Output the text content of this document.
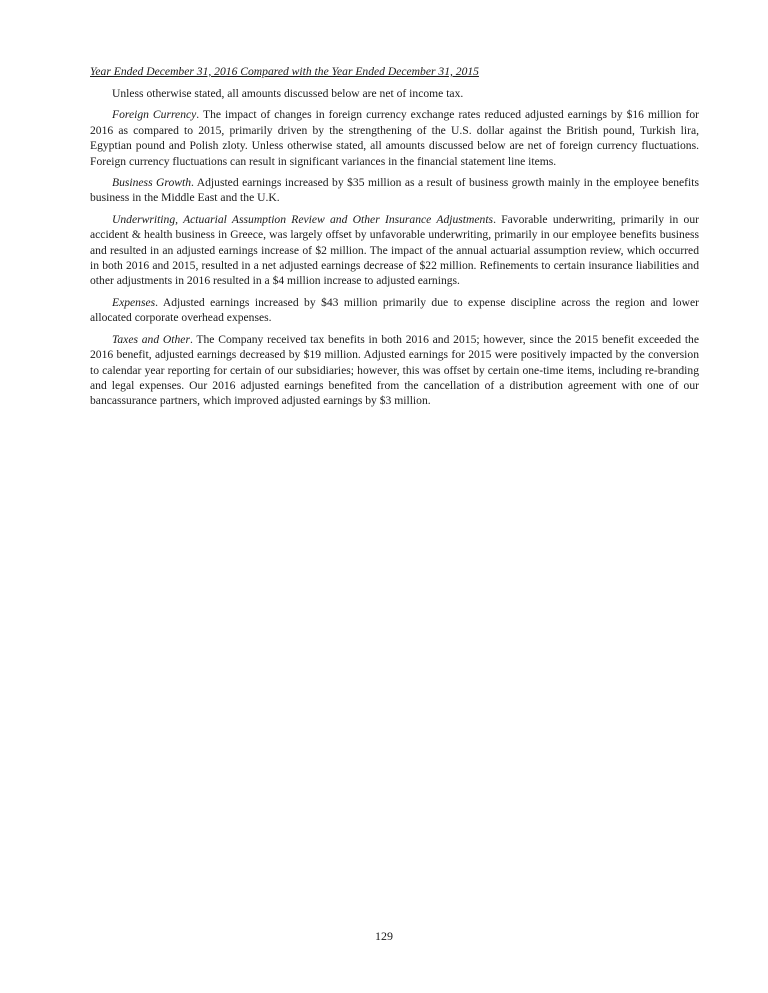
Year Ended December 31, 2016 Compared with the Year Ended December 31, 2015

Unless otherwise stated, all amounts discussed below are net of income tax.

Foreign Currency. The impact of changes in foreign currency exchange rates reduced adjusted earnings by $16 million for 2016 as compared to 2015, primarily driven by the strengthening of the U.S. dollar against the British pound, Turkish lira, Egyptian pound and Polish zloty. Unless otherwise stated, all amounts discussed below are net of foreign currency fluctuations. Foreign currency fluctuations can result in significant variances in the financial statement line items.

Business Growth. Adjusted earnings increased by $35 million as a result of business growth mainly in the employee benefits business in the Middle East and the U.K.

Underwriting, Actuarial Assumption Review and Other Insurance Adjustments. Favorable underwriting, primarily in our accident & health business in Greece, was largely offset by unfavorable underwriting, primarily in our employee benefits business and resulted in an adjusted earnings increase of $2 million. The impact of the annual actuarial assumption review, which occurred in both 2016 and 2015, resulted in a net adjusted earnings decrease of $22 million. Refinements to certain insurance liabilities and other adjustments in 2016 resulted in a $4 million increase to adjusted earnings.

Expenses. Adjusted earnings increased by $43 million primarily due to expense discipline across the region and lower allocated corporate overhead expenses.

Taxes and Other. The Company received tax benefits in both 2016 and 2015; however, since the 2015 benefit exceeded the 2016 benefit, adjusted earnings decreased by $19 million. Adjusted earnings for 2015 were positively impacted by the conversion to calendar year reporting for certain of our subsidiaries; however, this was offset by certain one-time items, including re-branding and legal expenses. Our 2016 adjusted earnings benefited from the cancellation of a distribution agreement with one of our bancassurance partners, which improved adjusted earnings by $3 million.

129
